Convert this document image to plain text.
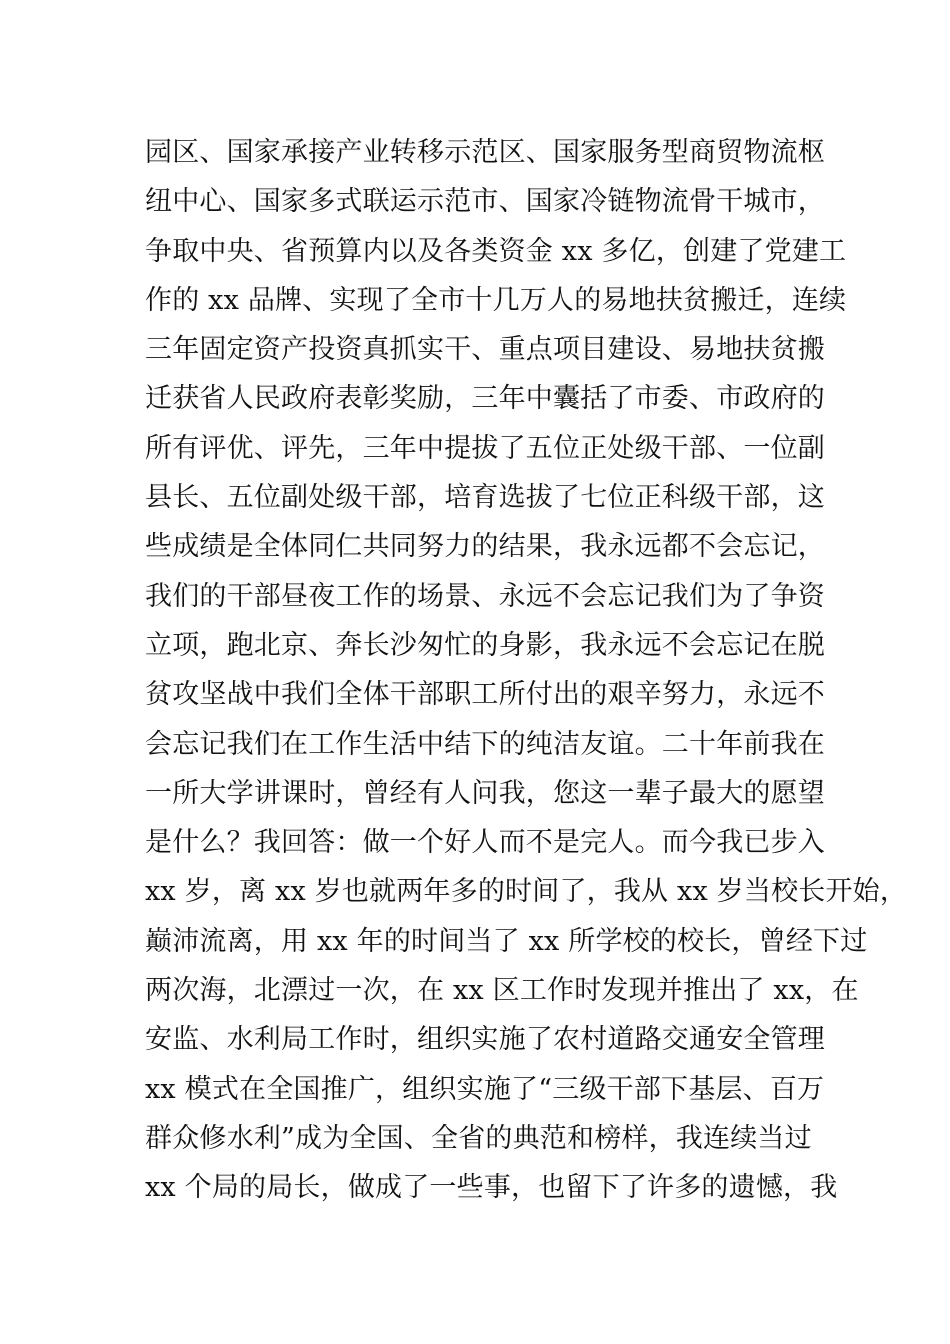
园区、国家承接产业转移示范区、国家服务型商贸物流枢
纽中心、国家多式联运示范市、国家冷链物流骨干城市，
争取中央、省预算内以及各类资金 xx 多亿，创建了党建工
作的 xx 品牌、实现了全市十几万人的易地扶贫搬迁，连续
三年固定资产投资真抓实干、重点项目建设、易地扶贫搬
迁获省人民政府表彰奖励，三年中囊括了市委、市政府的
所有评优、评先，三年中提拔了五位正处级干部、一位副
县长、五位副处级干部，培育选拔了七位正科级干部，这
些成绩是全体同仁共同努力的结果，我永远都不会忘记，
我们的干部昼夜工作的场景、永远不会忘记我们为了争资
立项，跑北京、奔长沙匆忙的身影，我永远不会忘记在脱
贫攻坚战中我们全体干部职工所付出的艰辛努力，永远不
会忘记我们在工作生活中结下的纯洁友谊。二十年前我在
一所大学讲课时，曾经有人问我，您这一辈子最大的愿望
是什么？我回答：做一个好人而不是完人。而今我已步入
xx 岁，离 xx 岁也就两年多的时间了，我从 xx 岁当校长开始，
巅沛流离，用 xx 年的时间当了 xx 所学校的校长，曾经下过
两次海，北漂过一次，在 xx 区工作时发现并推出了 xx，在
安监、水利局工作时，组织实施了农村道路交通安全管理
xx 模式在全国推广，组织实施了“三级干部下基层、百万
群众修水利”成为全国、全省的典范和榜样，我连续当过
xx 个局的局长，做成了一些事，也留下了许多的遗憾，我
